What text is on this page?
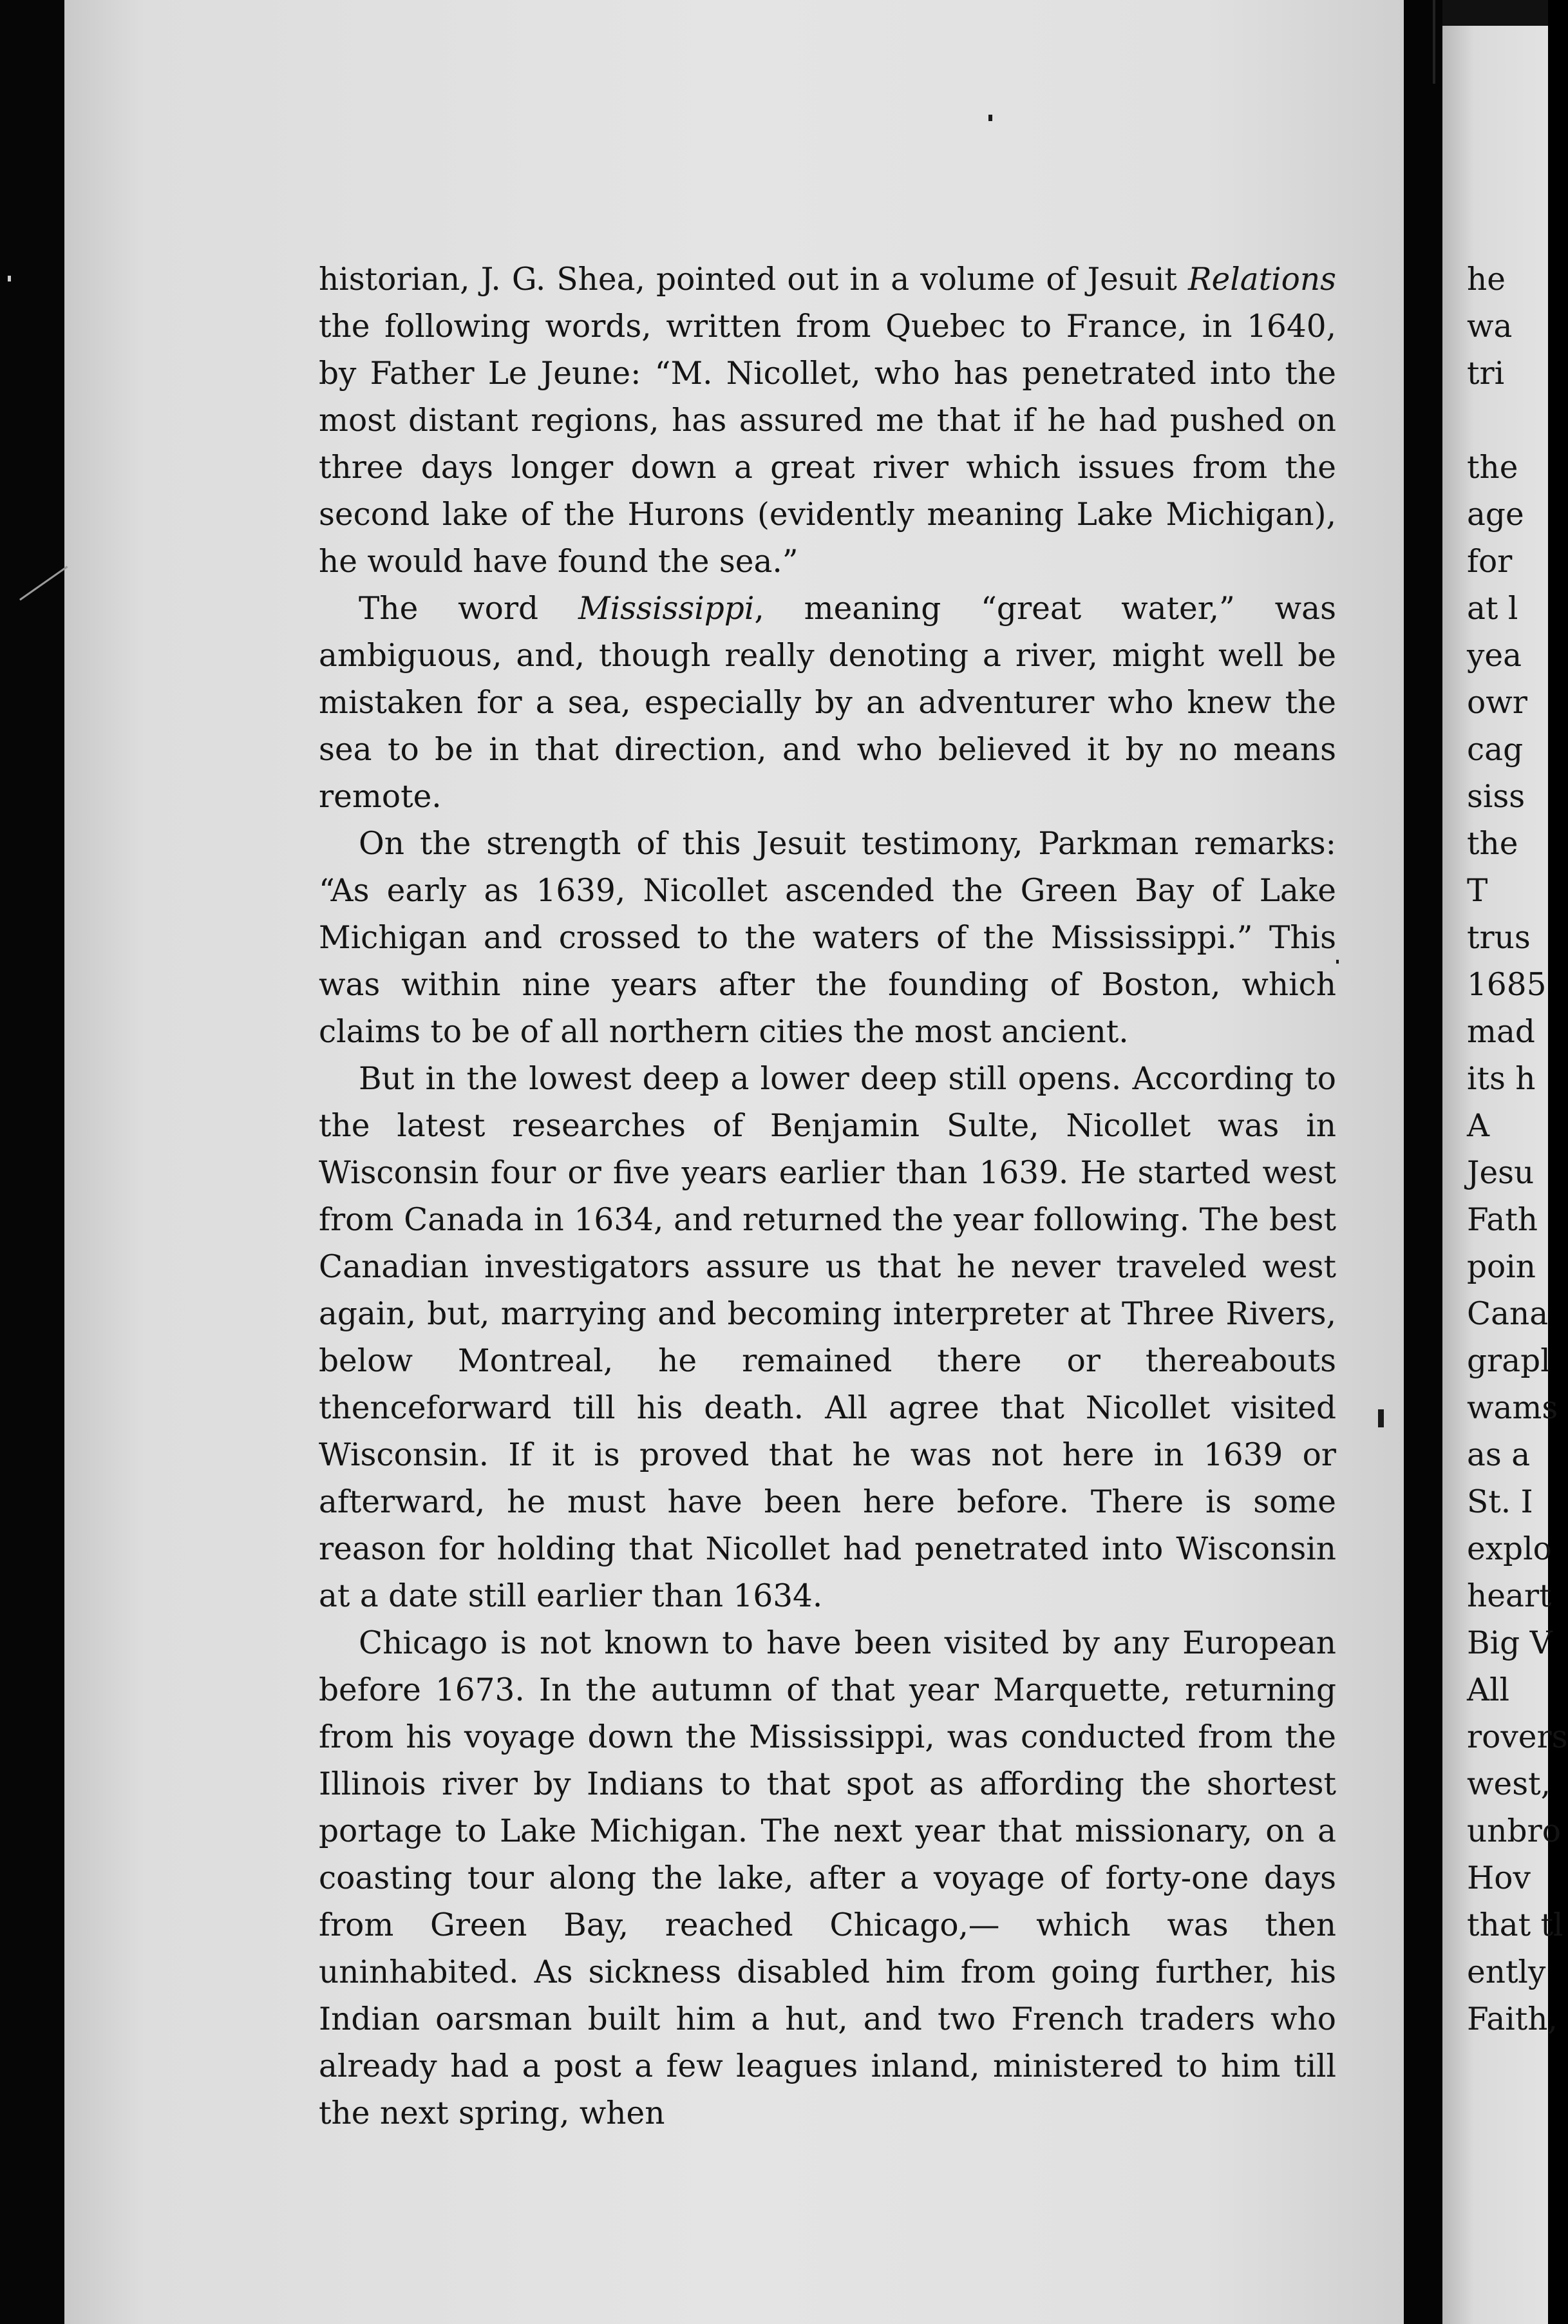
historian, J. G. Shea, pointed out in a volume of Jesuit Relations the following words, written from Quebec to France, in 1640, by Father Le Jeune: “M. Nicollet, who has penetrated into the most distant regions, has assured me that if he had pushed on three days longer down a great river which issues from the second lake of the Hurons (evidently meaning Lake Michigan), he would have found the sea.”

The word Mississippi, meaning “great water,” was ambiguous, and, though really denoting a river, might well be mistaken for a sea, especially by an adventurer who knew the sea to be in that direction, and who believed it by no means remote.

On the strength of this Jesuit testimony, Parkman remarks: “As early as 1639, Nicollet ascended the Green Bay of Lake Michigan and crossed to the waters of the Mississippi.” This was within nine years after the founding of Boston, which claims to be of all northern cities the most ancient.

But in the lowest deep a lower deep still opens. According to the latest researches of Benjamin Sulte, Nicollet was in Wisconsin four or five years earlier than 1639. He started west from Canada in 1634, and returned the year following. The best Canadian investigators assure us that he never traveled west again, but, marrying and becoming interpreter at Three Rivers, below Montreal, he remained there or thereabouts thenceforward till his death. All agree that Nicollet visited Wisconsin. If it is proved that he was not here in 1639 or afterward, he must have been here before. There is some reason for holding that Nicollet had penetrated into Wisconsin at a date still earlier than 1634.

Chicago is not known to have been visited by any European before 1673. In the autumn of that year Marquette, returning from his voyage down the Mississippi, was conducted from the Illinois river by Indians to that spot as affording the shortest portage to Lake Michigan. The next year that missionary, on a coasting tour along the lake, after a voyage of forty-one days from Green Bay, reached Chicago,— which was then uninhabited. As sickness disabled him from going further, his Indian oarsman built him a hut, and two French traders who already had a post a few leagues inland, ministered to him till the next spring, when

he
wa
tri
the
age
for
at l
yea
owr
cag
siss
the
T
trus
1685
mad
its h
A
Jesu
Fath
poin
Cana
grapl
wams
as a
St. I
explo
heart
Big V
All
rovers
west,
unbro
Hov
that tl
ently
Faith,
